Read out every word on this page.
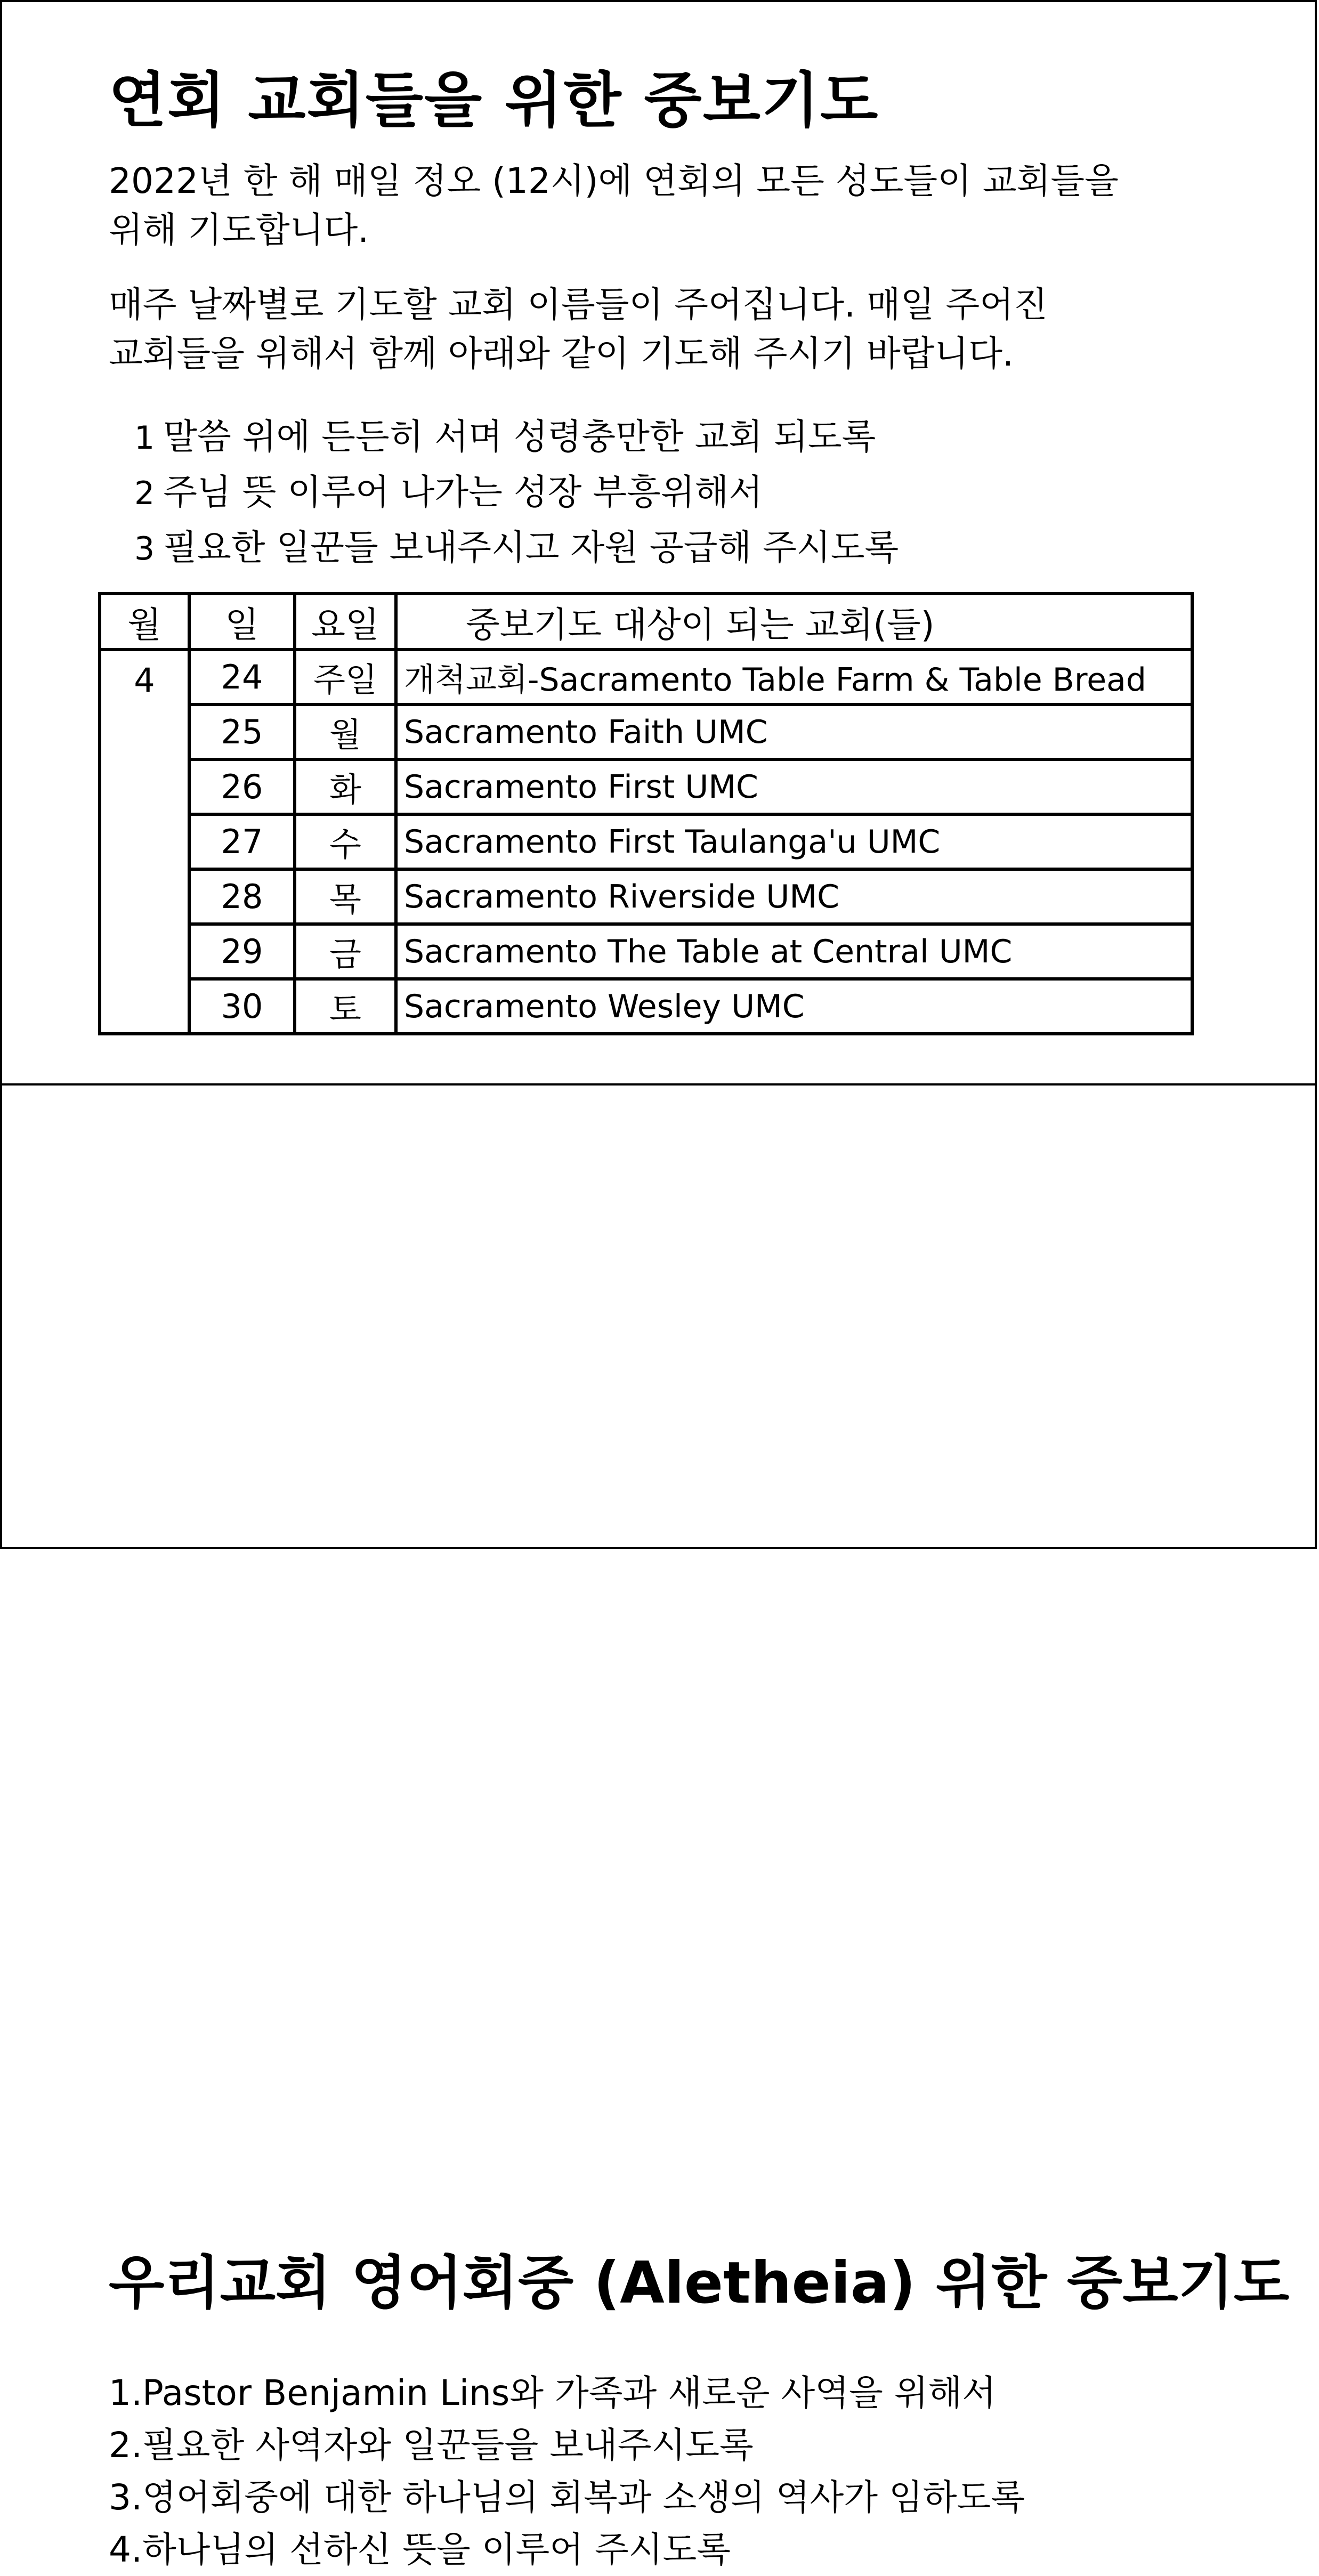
연회 교회들을 위한 중보기도
2022년 한 해 매일 정오 (12시)에 연회의 모든 성도들이 교회들을
위해 기도합니다.
매주 날짜별로 기도할 교회 이름들이 주어집니다. 매일 주어진
교회들을 위해서 함께 아래와 같이 기도해 주시기 바랍니다.
1 말씀 위에 든든히 서며 성령충만한 교회 되도록
2 주님 뜻 이루어 나가는 성장 부흥위해서
3 필요한 일꾼들 보내주시고 자원 공급해 주시도록
월	일	요일	중보기도 대상이 되는 교회(들)
4	24	주일	개척교회-Sacramento Table Farm & Table Bread
	25	월	Sacramento Faith UMC
	26	화	Sacramento First UMC
	27	수	Sacramento First Taulanga'u UMC
	28	목	Sacramento Riverside UMC
	29	금	Sacramento The Table at Central UMC
	30	토	Sacramento Wesley UMC
우리교회 영어회중 (Aletheia) 위한 중보기도
1.Pastor Benjamin Lins와 가족과 새로운 사역을 위해서
2.필요한 사역자와 일꾼들을 보내주시도록
3.영어회중에 대한 하나님의 회복과 소생의 역사가 임하도록
4.하나님의 선하신 뜻을 이루어 주시도록
